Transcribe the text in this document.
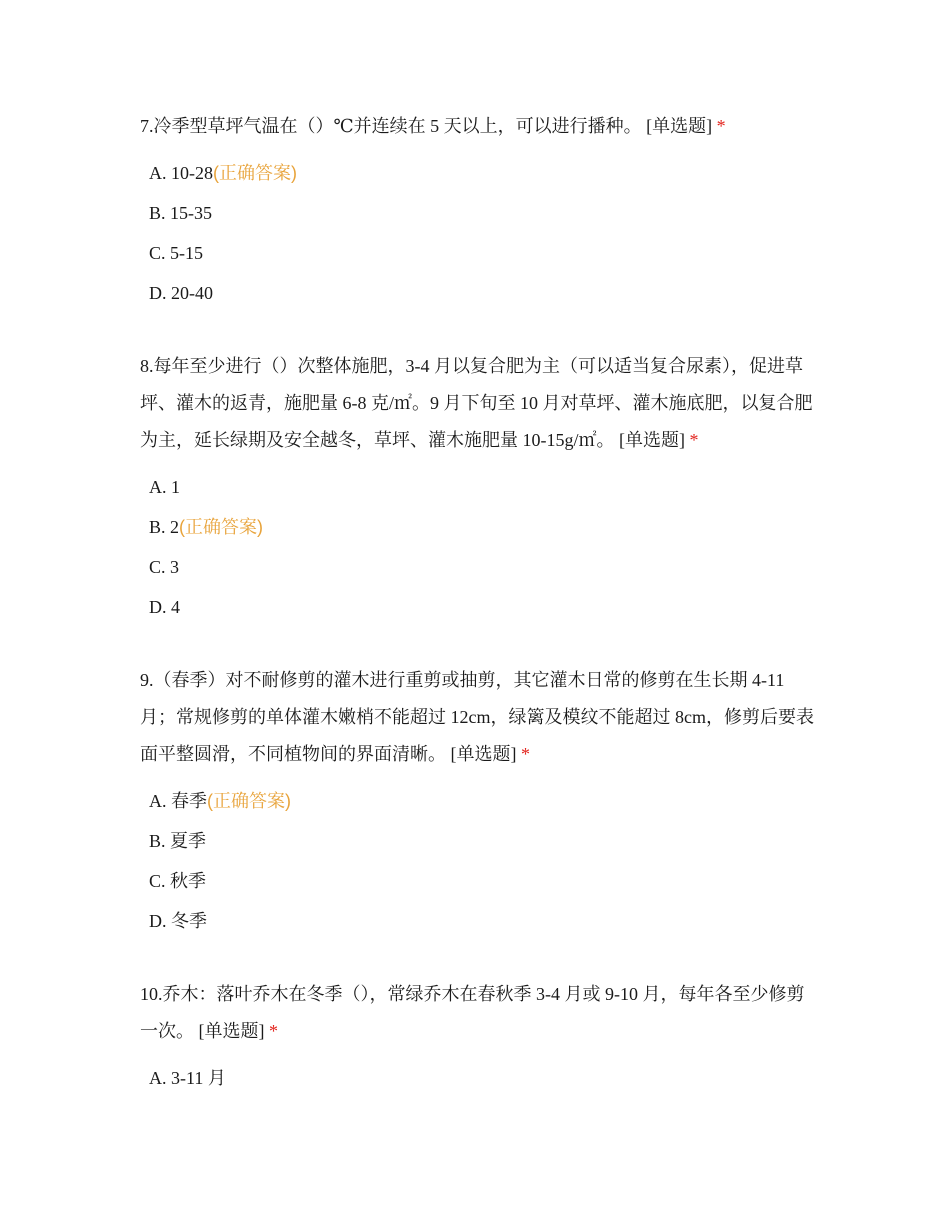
7.冷季型草坪气温在（）℃并连续在 5 天以上，可以进行播种。 [单选题] *

A. 10-28(正确答案)
B. 15-35
C. 5-15
D. 20-40

8.每年至少进行（）次整体施肥，3-4 月以复合肥为主（可以适当复合尿素），促进草坪、灌木的返青，施肥量 6-8 克/㎡。9 月下旬至 10 月对草坪、灌木施底肥，以复合肥为主，延长绿期及安全越冬，草坪、灌木施肥量 10-15g/㎡。 [单选题] *

A. 1
B. 2(正确答案)
C. 3
D. 4

9.（春季）对不耐修剪的灌木进行重剪或抽剪，其它灌木日常的修剪在生长期 4-11 月；常规修剪的单体灌木嫩梢不能超过 12cm，绿篱及模纹不能超过 8cm，修剪后要表面平整圆滑，不同植物间的界面清晰。 [单选题] *

A. 春季(正确答案)
B. 夏季
C. 秋季
D. 冬季

10.乔木：落叶乔木在冬季（），常绿乔木在春秋季 3-4 月或 9-10 月，每年各至少修剪一次。 [单选题] *

A. 3-11 月
